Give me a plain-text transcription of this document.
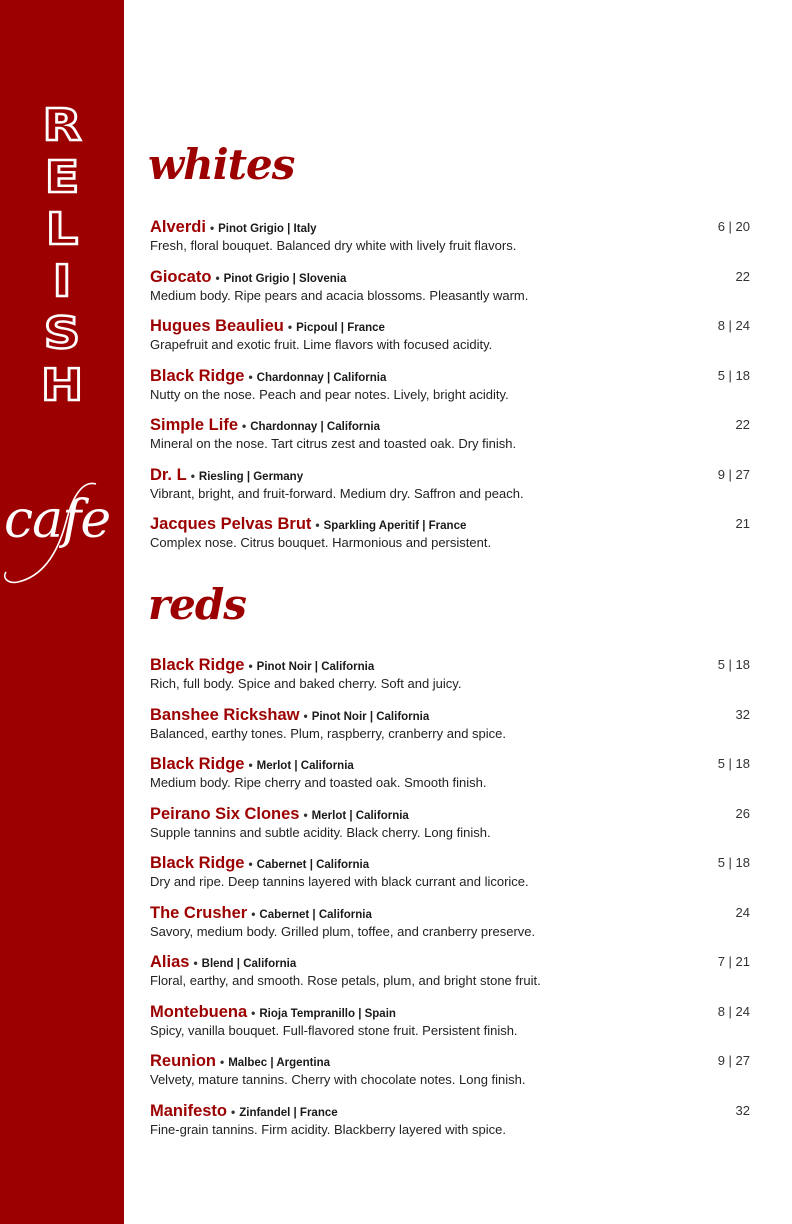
R
E
L
I
S
H
cafe
whites
Alverdi • Pinot Grigio | Italy
Fresh, floral bouquet. Balanced dry white with lively fruit flavors.
6 | 20
Giocato • Pinot Grigio | Slovenia
Medium body. Ripe pears and acacia blossoms. Pleasantly warm.
22
Hugues Beaulieu • Picpoul | France
Grapefruit and exotic fruit. Lime flavors with focused acidity.
8 | 24
Black Ridge • Chardonnay | California
Nutty on the nose. Peach and pear notes. Lively, bright acidity.
5 | 18
Simple Life • Chardonnay | California
Mineral on the nose. Tart citrus zest and toasted oak. Dry finish.
22
Dr. L • Riesling | Germany
Vibrant, bright, and fruit-forward. Medium dry. Saffron and peach.
9 | 27
Jacques Pelvas Brut • Sparkling Aperitif | France
Complex nose. Citrus bouquet. Harmonious and persistent.
21
reds
Black Ridge • Pinot Noir | California
Rich, full body. Spice and baked cherry. Soft and juicy.
5 | 18
Banshee Rickshaw • Pinot Noir | California
Balanced, earthy tones. Plum, raspberry, cranberry and spice.
32
Black Ridge • Merlot | California
Medium body. Ripe cherry and toasted oak. Smooth finish.
5 | 18
Peirano Six Clones • Merlot | California
Supple tannins and subtle acidity. Black cherry. Long finish.
26
Black Ridge • Cabernet | California
Dry and ripe. Deep tannins layered with black currant and licorice.
5 | 18
The Crusher • Cabernet | California
Savory, medium body. Grilled plum, toffee, and cranberry preserve.
24
Alias • Blend | California
Floral, earthy, and smooth. Rose petals, plum, and bright stone fruit.
7 | 21
Montebuena • Rioja Tempranillo | Spain
Spicy, vanilla bouquet. Full-flavored stone fruit. Persistent finish.
8 | 24
Reunion • Malbec | Argentina
Velvety, mature tannins. Cherry with chocolate notes. Long finish.
9 | 27
Manifesto • Zinfandel | France
Fine-grain tannins. Firm acidity. Blackberry layered with spice.
32
